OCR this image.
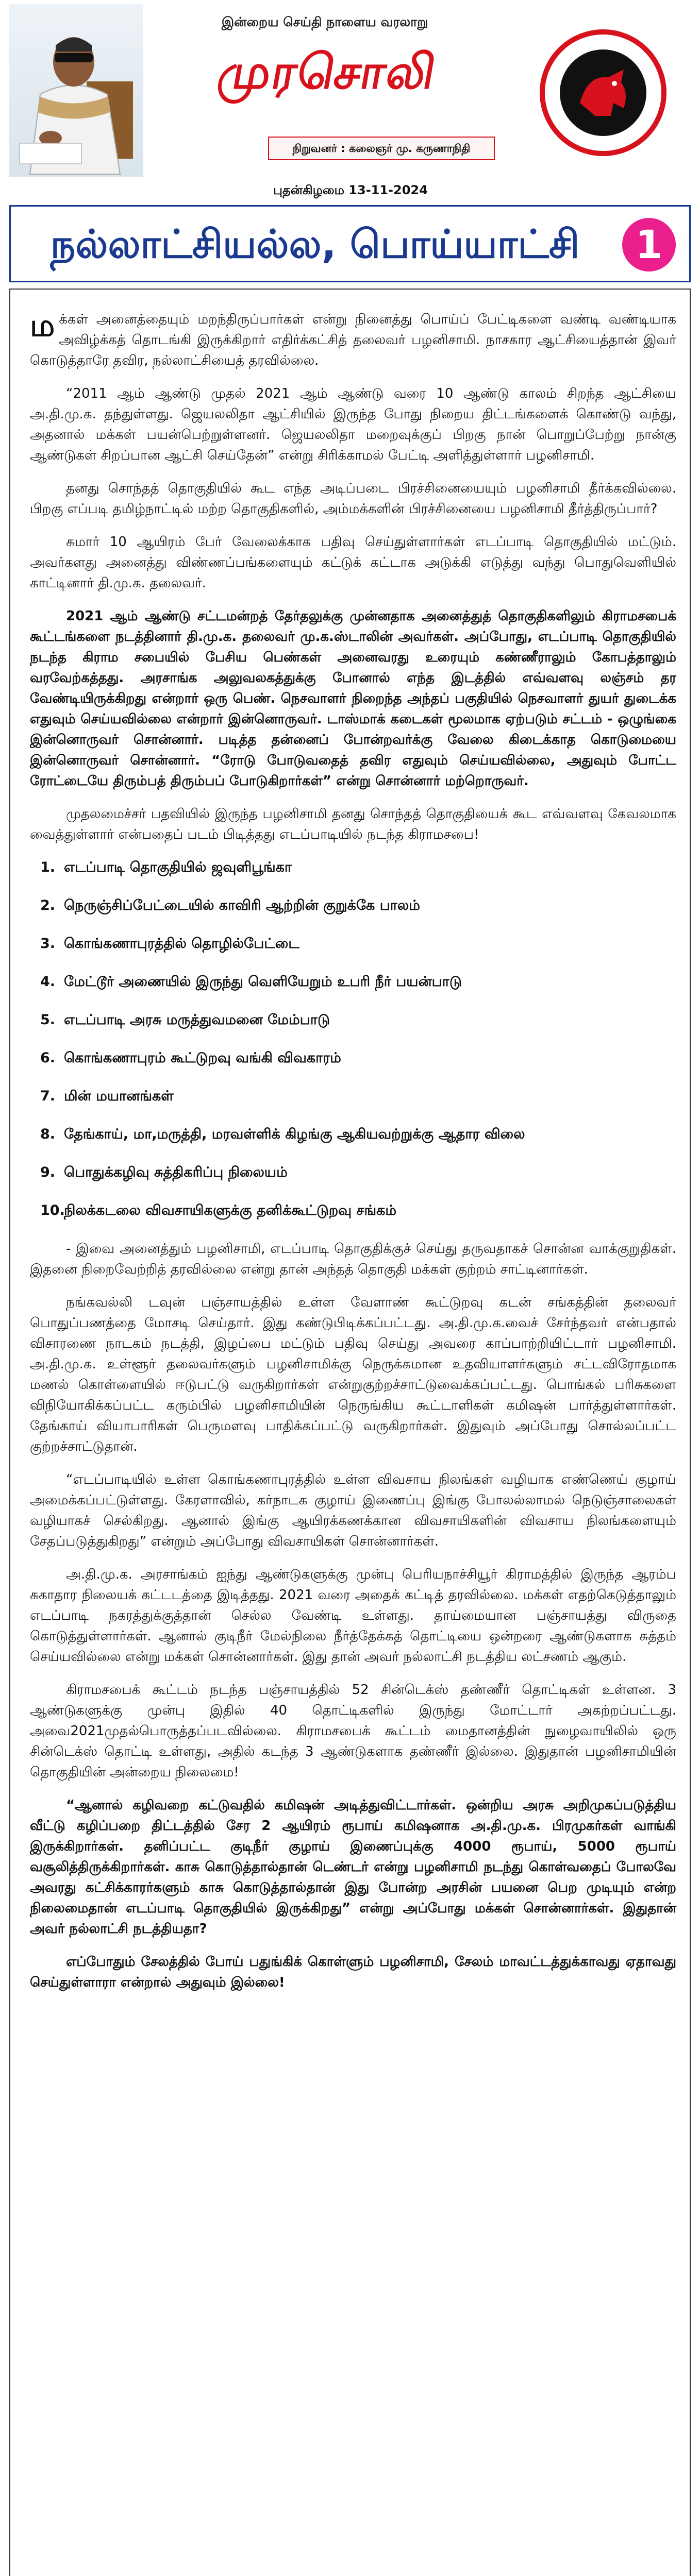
இன்றைய செய்தி நாளைய வரலாறு
முரசொலி
நிறுவனர் : கலைஞர் மு. கருணாநிதி
புதன்கிழமை 13-11-2024
நல்லாட்சியல்ல, பொய்யாட்சி	1

மக்கள் அனைத்தையும் மறந்திருப்பார்கள் என்று நினைத்து பொய்ப் பேட்டிகளை வண்டி வண்டியாக அவிழ்க்கத் தொடங்கி இருக்கிறார் எதிர்க்கட்சித் தலைவர் பழனிசாமி. நாசகார ஆட்சியைத்தான் இவர் கொடுத்தாரே தவிர, நல்லாட்சியைத் தரவில்லை.

“2011 ஆம் ஆண்டு முதல் 2021 ஆம் ஆண்டு வரை 10 ஆண்டு காலம் சிறந்த ஆட்சியை அ.தி.மு.க. தந்துள்ளது. ஜெயலலிதா ஆட்சியில் இருந்த போது நிறைய திட்டங்களைக் கொண்டு வந்து, அதனால் மக்கள் பயன்பெற்றுள்ளனர். ஜெயலலிதா மறைவுக்குப் பிறகு நான் பொறுப்பேற்று நான்கு ஆண்டுகள் சிறப்பான ஆட்சி செய்தேன்” என்று சிரிக்காமல் பேட்டி அளித்துள்ளார் பழனிசாமி.

தனது சொந்தத் தொகுதியில் கூட எந்த அடிப்படை பிரச்சினையையும் பழனிசாமி தீர்க்கவில்லை. பிறகு எப்படி தமிழ்நாட்டில் மற்ற தொகுதிகளில், அம்மக்களின் பிரச்சினையை பழனிசாமி தீர்த்திருப்பார்?

சுமார் 10 ஆயிரம் பேர் வேலைக்காக பதிவு செய்துள்ளார்கள் எடப்பாடி தொகுதியில் மட்டும். அவர்களது அனைத்து விண்ணப்பங்களையும் கட்டுக் கட்டாக அடுக்கி எடுத்து வந்து பொதுவெளியில் காட்டினார் தி.மு.க. தலைவர்.

2021 ஆம் ஆண்டு சட்டமன்றத் தேர்தலுக்கு முன்னதாக அனைத்துத் தொகுதிகளிலும் கிராமசபைக் கூட்டங்களை நடத்தினார் தி.மு.க. தலைவர் மு.க.ஸ்டாலின் அவர்கள். அப்போது, எடப்பாடி தொகுதியில் நடந்த கிராம சபையில் பேசிய பெண்கள் அனைவரது உரையும் கண்ணீராலும் கோபத்தாலும் வரவேற்கத்தது. அரசாங்க அலுவலகத்துக்கு போனால் எந்த இடத்தில் எவ்வளவு லஞ்சம் தர வேண்டியிருக்கிறது என்றார் ஒரு பெண். நெசவாளர் நிறைந்த அந்தப் பகுதியில் நெசவாளர் துயர் துடைக்க எதுவும் செய்யவில்லை என்றார் இன்னொருவர். டாஸ்மாக் கடைகள் மூலமாக ஏற்படும் சட்டம் - ஒழுங்கை இன்னொருவர் சொன்னார். படித்த தன்னைப் போன்றவர்க்கு வேலை கிடைக்காத கொடுமையை இன்னொருவர் சொன்னார். “ரோடு போடுவதைத் தவிர எதுவும் செய்யவில்லை, அதுவும் போட்ட ரோட்டையே திரும்பத் திரும்பப் போடுகிறார்கள்” என்று சொன்னார் மற்றொருவர்.

முதலமைச்சர் பதவியில் இருந்த பழனிசாமி தனது சொந்தத் தொகுதியைக் கூட எவ்வளவு கேவலமாக வைத்துள்ளார் என்பதைப் படம் பிடித்தது எடப்பாடியில் நடந்த கிராமசபை!

1. எடப்பாடி தொகுதியில் ஜவுளிபூங்கா
2. நெருஞ்சிப்பேட்டையில் காவிரி ஆற்றின் குறுக்கே பாலம்
3. கொங்கணாபுரத்தில் தொழில்பேட்டை
4. மேட்டூர் அணையில் இருந்து வெளியேறும் உபரி நீர் பயன்பாடு
5. எடப்பாடி அரசு மருத்துவமனை மேம்பாடு
6. கொங்கணாபுரம் கூட்டுறவு வங்கி விவகாரம்
7. மின் மயானங்கள்
8. தேங்காய், மா,மருத்தி, மரவள்ளிக் கிழங்கு ஆகியவற்றுக்கு ஆதார விலை
9. பொதுக்கழிவு சுத்திகரிப்பு நிலையம்
10.நிலக்கடலை விவசாயிகளுக்கு தனிக்கூட்டுறவு சங்கம்

- இவை அனைத்தும் பழனிசாமி, எடப்பாடி தொகுதிக்குச் செய்து தருவதாகச் சொன்ன வாக்குறுதிகள். இதனை நிறைவேற்றித் தரவில்லை என்று தான் அந்தத் தொகுதி மக்கள் குற்றம் சாட்டினார்கள்.

நங்கவல்லி டவுன் பஞ்சாயத்தில் உள்ள வேளாண் கூட்டுறவு கடன் சங்கத்தின் தலைவர் பொதுப்பணத்தை மோசடி செய்தார். இது கண்டுபிடிக்கப்பட்டது. அ.தி.மு.க.வைச் சேர்ந்தவர் என்பதால் விசாரணை நாடகம் நடத்தி, இழப்பை மட்டும் பதிவு செய்து அவரை காப்பாற்றியிட்டார் பழனிசாமி. அ.தி.மு.க. உள்ளூர் தலைவர்களும் பழனிசாமிக்கு நெருக்கமான உதவியாளர்களும் சட்டவிரோதமாக மணல் கொள்ளையில் ஈடுபட்டு வருகிறார்கள் என்றுகுற்றச்சாட்டுவைக்கப்பட்டது. பொங்கல் பரிசுகளை விநியோகிக்கப்பட்ட கரும்பில் பழனிசாமியின் நெருங்கிய கூட்டாளிகள் கமிஷன் பார்த்துள்ளார்கள். தேங்காய் வியாபாரிகள் பெருமளவு பாதிக்கப்பட்டு வருகிறார்கள். இதுவும் அப்போது சொல்லப்பட்ட குற்றச்சாட்டுதான்.

“எடப்பாடியில் உள்ள கொங்கணாபுரத்தில் உள்ள விவசாய நிலங்கள் வழியாக எண்ணெய் குழாய் அமைக்கப்பட்டுள்ளது. கேரளாவில், கர்நாடக குழாய் இணைப்பு இங்கு போலல்லாமல் நெடுஞ்சாலைகள் வழியாகச் செல்கிறது. ஆனால் இங்கு ஆயிரக்கணக்கான விவசாயிகளின் விவசாய நிலங்களையும் சேதப்படுத்துகிறது” என்றும் அப்போது விவசாயிகள் சொன்னார்கள்.

அ.தி.மு.க. அரசாங்கம் ஐந்து ஆண்டுகளுக்கு முன்பு பெரியநாச்சியூர் கிராமத்தில் இருந்த ஆரம்ப சுகாதார நிலையக் கட்டடத்தை இடித்தது. 2021 வரை அதைக் கட்டித் தரவில்லை. மக்கள் எதற்கெடுத்தாலும் எடப்பாடி நகரத்துக்குத்தான் செல்ல வேண்டி உள்ளது. தாய்மையான பஞ்சாயத்து விருதை கொடுத்துள்ளார்கள். ஆனால் குடிநீர் மேல்நிலை நீர்த்தேக்கத் தொட்டியை ஒன்றரை ஆண்டுகளாக சுத்தம் செய்யவில்லை என்று மக்கள் சொன்னார்கள். இது தான் அவர் நல்லாட்சி நடத்திய லட்சணம் ஆகும்.

கிராமசபைக் கூட்டம் நடந்த பஞ்சாயத்தில் 52 சின்டெக்ஸ் தண்ணீர் தொட்டிகள் உள்ளன. 3 ஆண்டுகளுக்கு முன்பு இதில் 40 தொட்டிகளில் இருந்து மோட்டார் அகற்றப்பட்டது. அவை2021முதல்பொருத்தப்படவில்லை. கிராமசபைக் கூட்டம் மைதானத்தின் நுழைவாயிலில் ஒரு சின்டெக்ஸ் தொட்டி உள்ளது, அதில் கடந்த 3 ஆண்டுகளாக தண்ணீர் இல்லை. இதுதான் பழனிசாமியின் தொகுதியின் அன்றைய நிலைமை!

“ஆனால் கழிவறை கட்டுவதில் கமிஷன் அடித்துவிட்டார்கள். ஒன்றிய அரசு அறிமுகப்படுத்திய வீட்டு கழிப்பறை திட்டத்தில் சேர 2 ஆயிரம் ரூபாய் கமிஷனாக அ.தி.மு.க. பிரமுகர்கள் வாங்கி இருக்கிறார்கள். தனிப்பட்ட குடிநீர் குழாய் இணைப்புக்கு 4000 ரூபாய், 5000 ரூபாய் வசூலித்திருக்கிறார்கள். காசு கொடுத்தால்தான் டெண்டர் என்று பழனிசாமி நடந்து கொள்வதைப் போலவே அவரது கட்சிக்காரர்களும் காசு கொடுத்தால்தான் இது போன்ற அரசின் பயனை பெற முடியும் என்ற நிலைமைதான் எடப்பாடி தொகுதியில் இருக்கிறது” என்று அப்போது மக்கள் சொன்னார்கள். இதுதான் அவர் நல்லாட்சி நடத்தியதா?

எப்போதும் சேலத்தில் போய் பதுங்கிக் கொள்ளும் பழனிசாமி, சேலம் மாவட்டத்துக்காவது ஏதாவது செய்துள்ளாரா என்றால் அதுவும் இல்லை!
